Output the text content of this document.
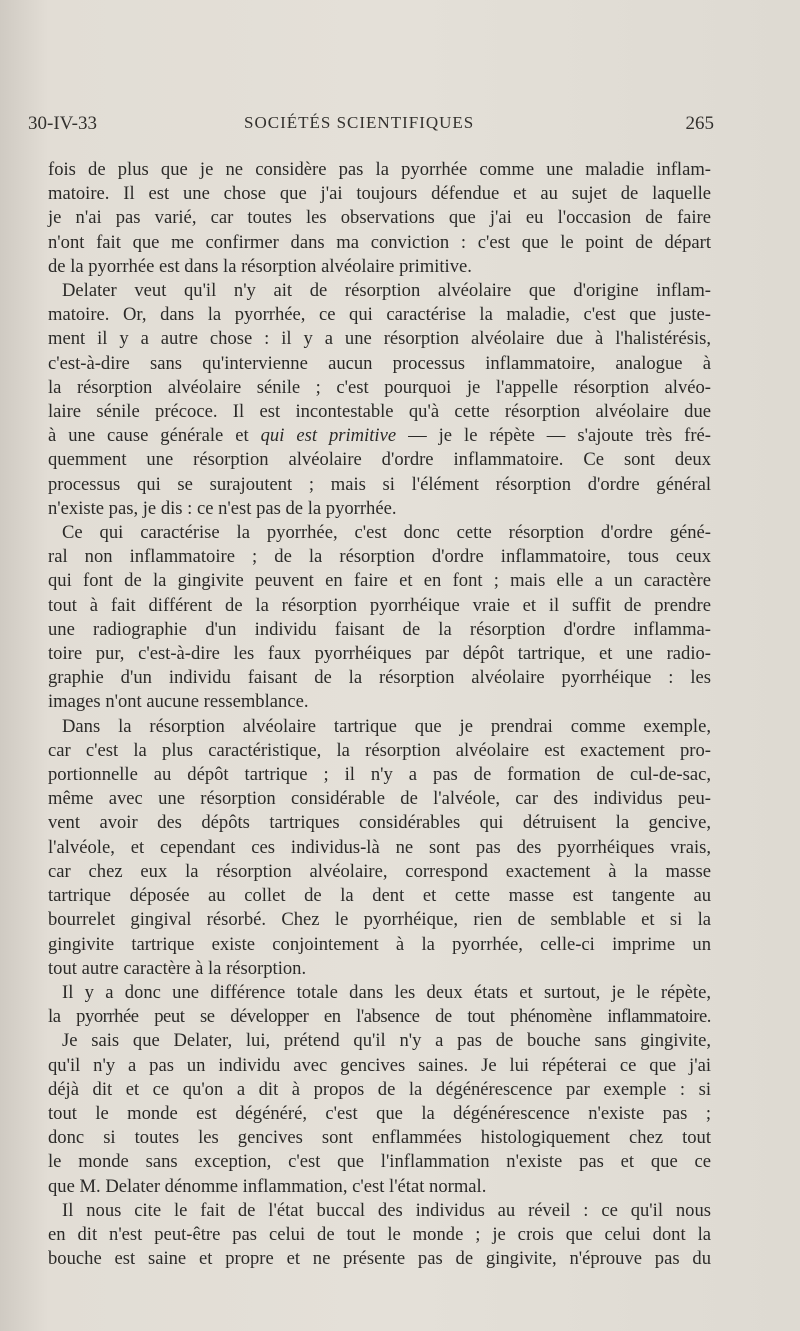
30-IV-33	SOCIÉTÉS SCIENTIFIQUES	265

fois de plus que je ne considère pas la pyorrhée comme une maladie inflam-
matoire. Il est une chose que j'ai toujours défendue et au sujet de laquelle
je n'ai pas varié, car toutes les observations que j'ai eu l'occasion de faire
n'ont fait que me confirmer dans ma conviction : c'est que le point de départ
de la pyorrhée est dans la résorption alvéolaire primitive.

Delater veut qu'il n'y ait de résorption alvéolaire que d'origine inflam-
matoire. Or, dans la pyorrhée, ce qui caractérise la maladie, c'est que juste-
ment il y a autre chose : il y a une résorption alvéolaire due à l'halistérésis,
c'est-à-dire sans qu'intervienne aucun processus inflammatoire, analogue à
la résorption alvéolaire sénile ; c'est pourquoi je l'appelle résorption alvéo-
laire sénile précoce. Il est incontestable qu'à cette résorption alvéolaire due
à une cause générale et qui est primitive — je le répète — s'ajoute très fré-
quemment une résorption alvéolaire d'ordre inflammatoire. Ce sont deux
processus qui se surajoutent ; mais si l'élément résorption d'ordre général
n'existe pas, je dis : ce n'est pas de la pyorrhée.

Ce qui caractérise la pyorrhée, c'est donc cette résorption d'ordre géné-
ral non inflammatoire ; de la résorption d'ordre inflammatoire, tous ceux
qui font de la gingivite peuvent en faire et en font ; mais elle a un caractère
tout à fait différent de la résorption pyorrhéique vraie et il suffit de prendre
une radiographie d'un individu faisant de la résorption d'ordre inflamma-
toire pur, c'est-à-dire les faux pyorrhéiques par dépôt tartrique, et une radio-
graphie d'un individu faisant de la résorption alvéolaire pyorrhéique : les
images n'ont aucune ressemblance.

Dans la résorption alvéolaire tartrique que je prendrai comme exemple,
car c'est la plus caractéristique, la résorption alvéolaire est exactement pro-
portionnelle au dépôt tartrique ; il n'y a pas de formation de cul-de-sac,
même avec une résorption considérable de l'alvéole, car des individus peu-
vent avoir des dépôts tartriques considérables qui détruisent la gencive,
l'alvéole, et cependant ces individus-là ne sont pas des pyorrhéiques vrais,
car chez eux la résorption alvéolaire, correspond exactement à la masse
tartrique déposée au collet de la dent et cette masse est tangente au
bourrelet gingival résorbé. Chez le pyorrhéique, rien de semblable et si la
gingivite tartrique existe conjointement à la pyorrhée, celle-ci imprime un
tout autre caractère à la résorption.

Il y a donc une différence totale dans les deux états et surtout, je le répète,
la pyorrhée peut se développer en l'absence de tout phénomène inflammatoire.

Je sais que Delater, lui, prétend qu'il n'y a pas de bouche sans gingivite,
qu'il n'y a pas un individu avec gencives saines. Je lui répéterai ce que j'ai
déjà dit et ce qu'on a dit à propos de la dégénérescence par exemple : si
tout le monde est dégénéré, c'est que la dégénérescence n'existe pas ;
donc si toutes les gencives sont enflammées histologiquement chez tout
le monde sans exception, c'est que l'inflammation n'existe pas et que ce
que M. Delater dénomme inflammation, c'est l'état normal.

Il nous cite le fait de l'état buccal des individus au réveil : ce qu'il nous
en dit n'est peut-être pas celui de tout le monde ; je crois que celui dont la
bouche est saine et propre et ne présente pas de gingivite, n'éprouve pas du
